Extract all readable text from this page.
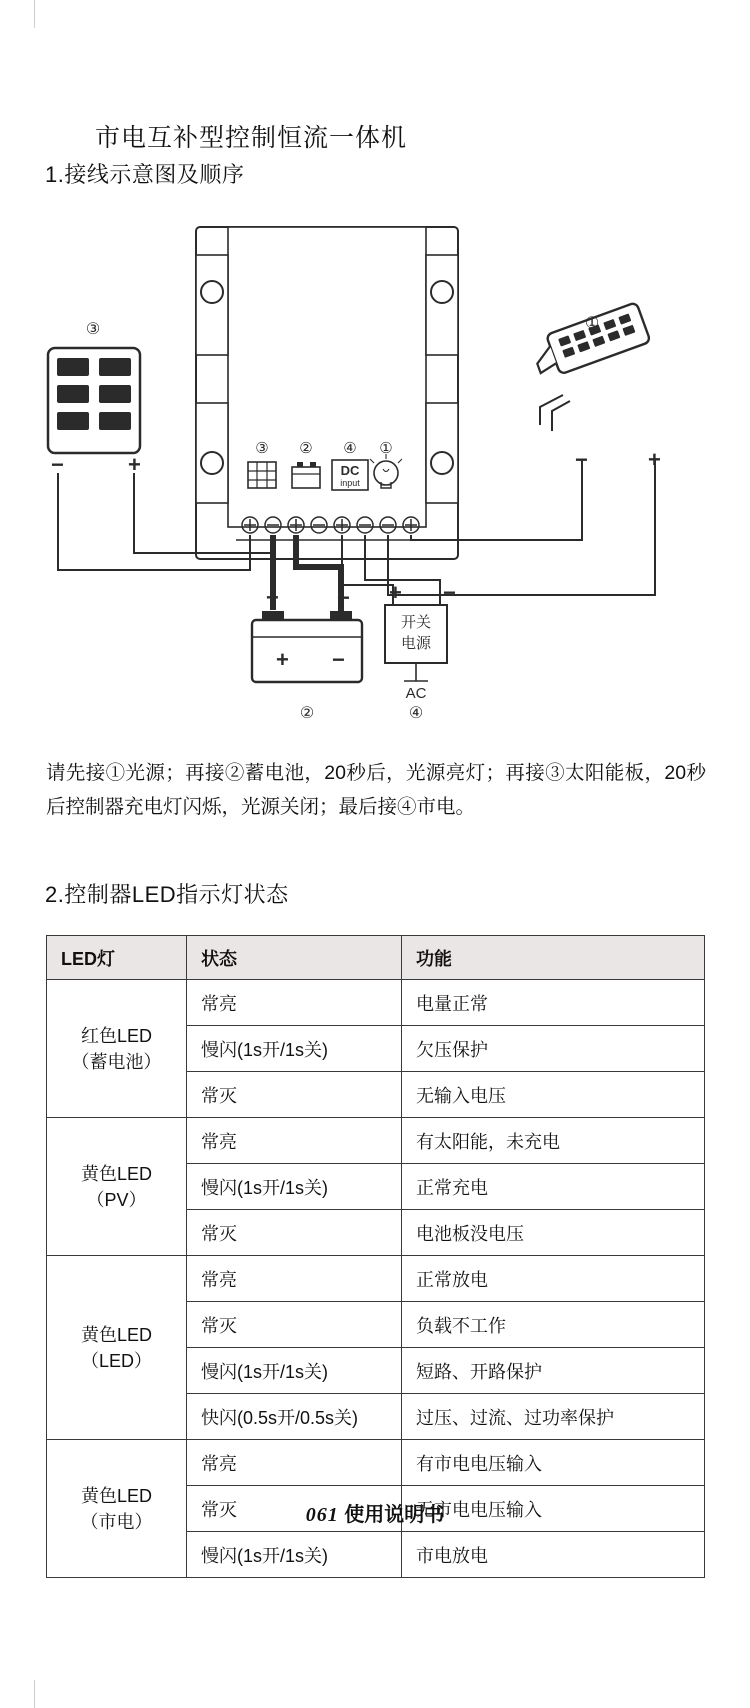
市电互补型控制恒流一体机
1.接线示意图及顺序
DC
input
③ ② ④ ①
③
−	+
①
−	+
+ −
②
+	−
开关
电源
AC
④
+ −
请先接①光源；再接②蓄电池，20秒后，光源亮灯；再接③太阳能板，20秒后控制器充电灯闪烁，光源关闭；最后接④市电。
2.控制器LED指示灯状态
LED灯	状态	功能
红色LED
（蓄电池）	常亮	电量正常
	慢闪(1s开/1s关)	欠压保护
	常灭	无输入电压
黄色LED
（PV）	常亮	有太阳能，未充电
	慢闪(1s开/1s关)	正常充电
	常灭	电池板没电压
黄色LED
（LED）	常亮	正常放电
	常灭	负载不工作
	慢闪(1s开/1s关)	短路、开路保护
	快闪(0.5s开/0.5s关)	过压、过流、过功率保护
黄色LED
（市电）	常亮	有市电电压输入
	常灭	无市电电压输入
	慢闪(1s开/1s关)	市电放电
061 使用说明书
